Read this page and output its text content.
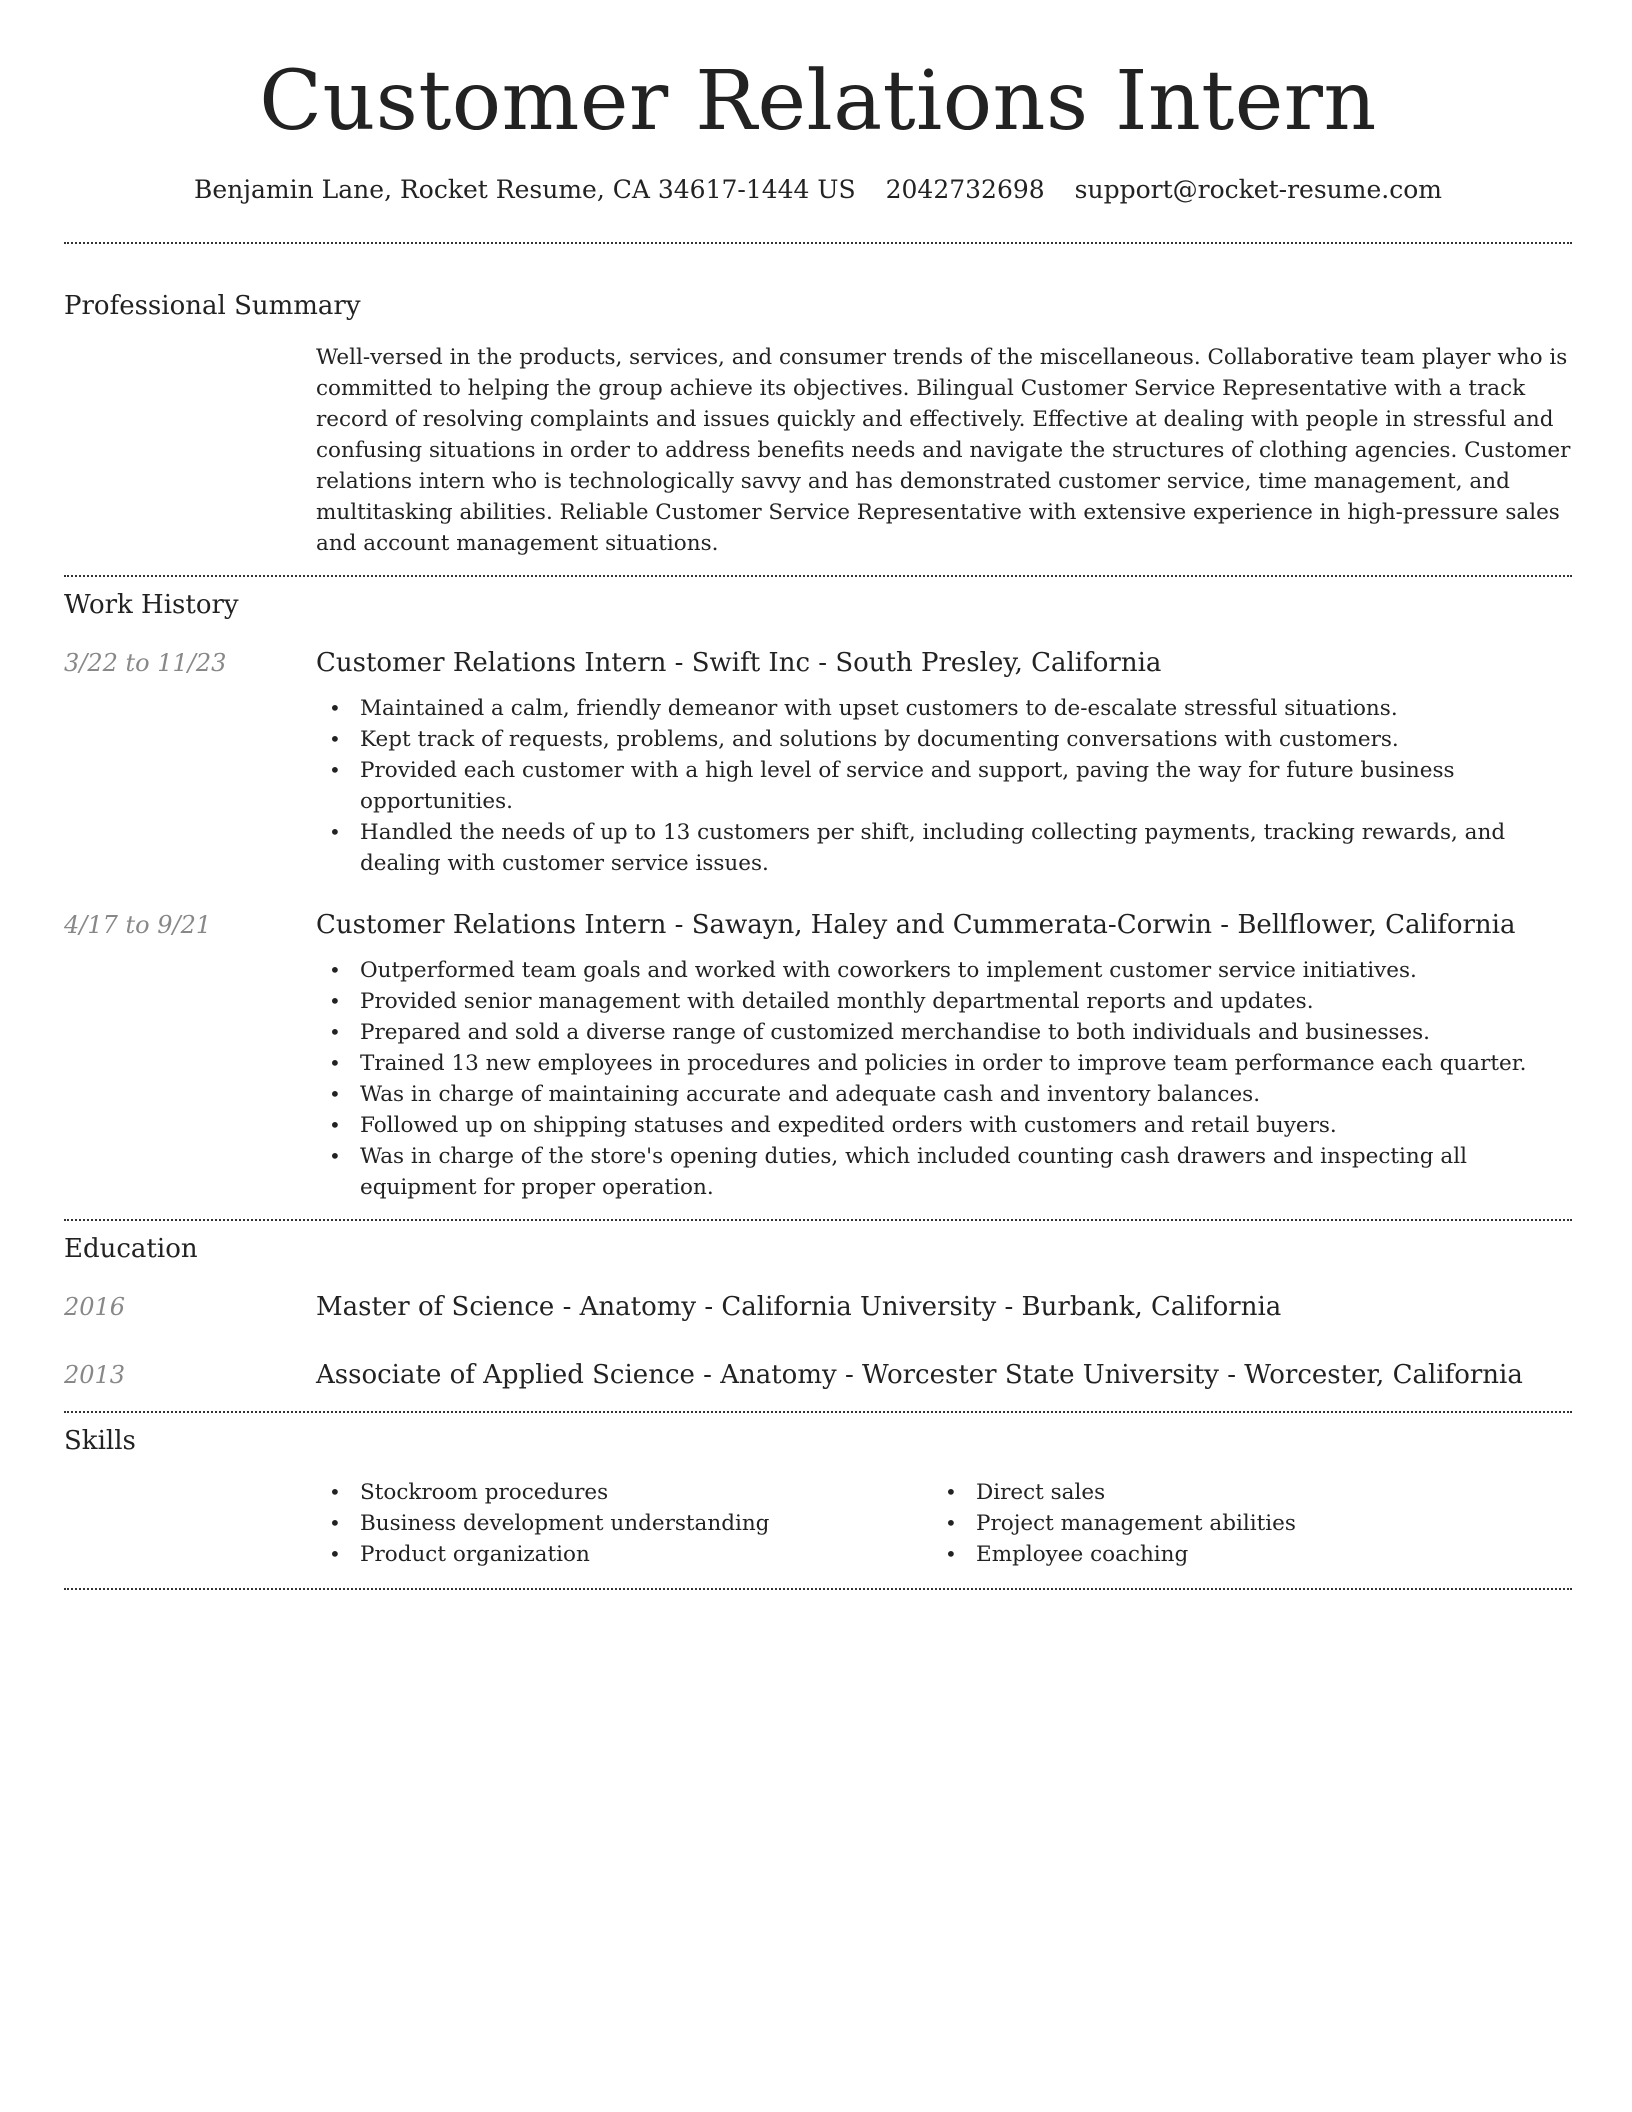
Customer Relations Intern
Benjamin Lane, Rocket Resume, CA 34617-1444 US 2042732698 support@rocket-resume.com
Professional Summary
Well-versed in the products, services, and consumer trends of the miscellaneous. Collaborative team player who is committed to helping the group achieve its objectives. Bilingual Customer Service Representative with a track record of resolving complaints and issues quickly and effectively. Effective at dealing with people in stressful and confusing situations in order to address benefits needs and navigate the structures of clothing agencies. Customer relations intern who is technologically savvy and has demonstrated customer service, time management, and multitasking abilities. Reliable Customer Service Representative with extensive experience in high-pressure sales and account management situations.
Work History
3/22 to 11/23	Customer Relations Intern - Swift Inc - South Presley, California
• Maintained a calm, friendly demeanor with upset customers to de-escalate stressful situations.
• Kept track of requests, problems, and solutions by documenting conversations with customers.
• Provided each customer with a high level of service and support, paving the way for future business opportunities.
• Handled the needs of up to 13 customers per shift, including collecting payments, tracking rewards, and dealing with customer service issues.
4/17 to 9/21	Customer Relations Intern - Sawayn, Haley and Cummerata-Corwin - Bellflower, California
• Outperformed team goals and worked with coworkers to implement customer service initiatives.
• Provided senior management with detailed monthly departmental reports and updates.
• Prepared and sold a diverse range of customized merchandise to both individuals and businesses.
• Trained 13 new employees in procedures and policies in order to improve team performance each quarter.
• Was in charge of maintaining accurate and adequate cash and inventory balances.
• Followed up on shipping statuses and expedited orders with customers and retail buyers.
• Was in charge of the store's opening duties, which included counting cash drawers and inspecting all equipment for proper operation.
Education
2016	Master of Science - Anatomy - California University - Burbank, California
2013	Associate of Applied Science - Anatomy - Worcester State University - Worcester, California
Skills
• Stockroom procedures
• Business development understanding
• Product organization
• Direct sales
• Project management abilities
• Employee coaching
